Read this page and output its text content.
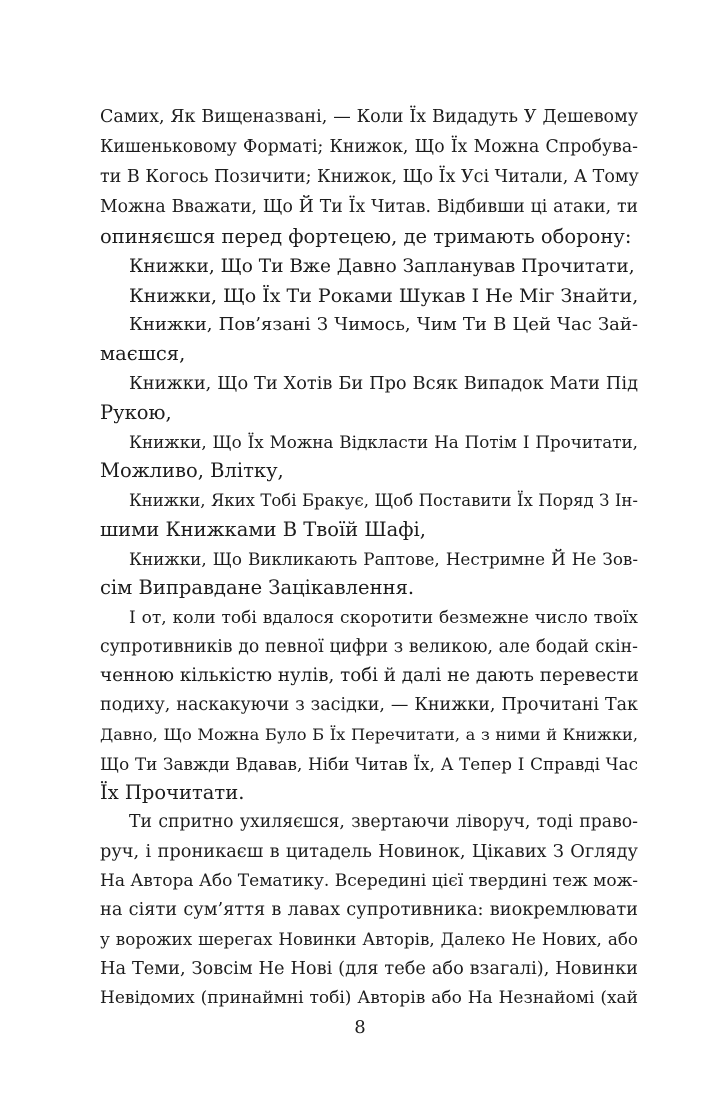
Самих, Як Вищеназвані, — Коли Їх Видадуть У Дешевому
Кишеньковому Форматі; Книжок, Що Їх Можна Спробува-
ти В Когось Позичити; Книжок, Що Їх Усі Читали, А Тому
Можна Вважати, Що Й Ти Їх Читав. Відбивши ці атаки, ти
опиняєшся перед фортецею, де тримають оборону:
Книжки, Що Ти Вже Давно Запланував Прочитати,
Книжки, Що Їх Ти Роками Шукав І Не Міг Знайти,
Книжки, Пов’язані З Чимось, Чим Ти В Цей Час Зай-
маєшся,
Книжки, Що Ти Хотів Би Про Всяк Випадок Мати Під
Рукою,
Книжки, Що Їх Можна Відкласти На Потім І Прочитати,
Можливо, Влітку,
Книжки, Яких Тобі Бракує, Щоб Поставити Їх Поряд З Ін-
шими Книжками В Твоїй Шафі,
Книжки, Що Викликають Раптове, Нестримне Й Не Зов-
сім Виправдане Зацікавлення.
І от, коли тобі вдалося скоротити безмежне число твоїх
супротивників до певної цифри з великою, але бодай скін-
ченною кількістю нулів, тобі й далі не дають перевести
подиху, наскакуючи з засідки, — Книжки, Прочитані Так
Давно, Що Можна Було Б Їх Перечитати, а з ними й Книжки,
Що Ти Завжди Вдавав, Ніби Читав Їх, А Тепер І Справді Час
Їх Прочитати.
Ти спритно ухиляєшся, звертаючи ліворуч, тоді право-
руч, і проникаєш в цитадель Новинок, Цікавих З Огляду
На Автора Або Тематику. Всередині цієї твердині теж мож-
на сіяти сум’яття в лавах супротивника: виокремлювати
у ворожих шерегах Новинки Авторів, Далеко Не Нових, або
На Теми, Зовсім Не Нові (для тебе або взагалі), Новинки
Невідомих (принаймні тобі) Авторів або На Незнайомі (хай
8
